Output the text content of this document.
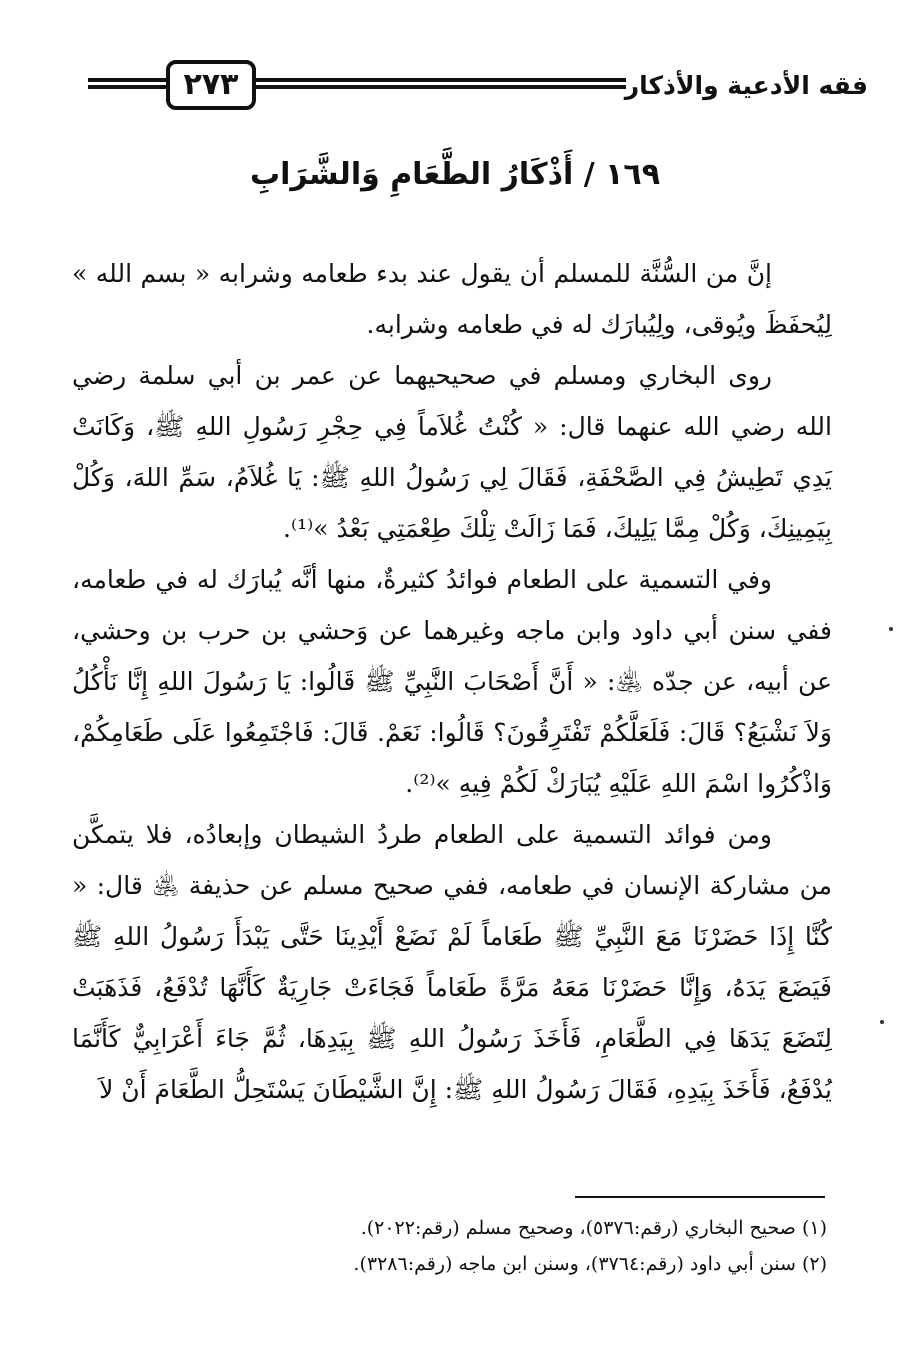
٢٧٣	فقه الأدعية والأذكار
١٦٩ / أَذْكَارُ الطَّعَامِ وَالشَّرَابِ

إنَّ من السُّنَّة للمسلم أن يقول عند بدء طعامه وشرابه « بسم الله » لِيُحفَظَ ويُوقى، ولِيُبارَك له في طعامه وشرابه.

روى البخاري ومسلم في صحيحيهما عن عمر بن أبي سلمة رضي الله رضي الله عنهما قال: « كُنْتُ غُلاَماً فِي حِجْرِ رَسُولِ اللهِ ﷺ، وَكَانَتْ يَدِي تَطِيشُ فِي الصَّحْفَةِ، فَقَالَ لِي رَسُولُ اللهِ ﷺ: يَا غُلاَمُ، سَمِّ اللهَ، وَكُلْ بِيَمِينِكَ، وَكُلْ مِمَّا يَلِيكَ، فَمَا زَالَتْ تِلْكَ طِعْمَتِي بَعْدُ »⁽¹⁾.

وفي التسمية على الطعام فوائدُ كثيرةٌ، منها أنَّه يُبارَك له في طعامه، ففي سنن أبي داود وابن ماجه وغيرهما عن وَحشي بن حرب بن وحشي، عن أبيه، عن جدّه ﵁: « أَنَّ أَصْحَابَ النَّبِيِّ ﷺ قَالُوا: يَا رَسُولَ اللهِ إِنَّا نَأْكُلُ وَلاَ نَشْبَعُ؟ قَالَ: فَلَعَلَّكُمْ تَفْتَرِقُونَ؟ قَالُوا: نَعَمْ. قَالَ: فَاجْتَمِعُوا عَلَى طَعَامِكُمْ، وَاذْكُرُوا اسْمَ اللهِ عَلَيْهِ يُبَارَكْ لَكُمْ فِيهِ »⁽²⁾.

ومن فوائد التسمية على الطعام طردُ الشيطان وإبعادُه، فلا يتمكَّن من مشاركة الإنسان في طعامه، ففي صحيح مسلم عن حذيفة ﵁ قال: « كُنَّا إِذَا حَضَرْنَا مَعَ النَّبِيِّ ﷺ طَعَاماً لَمْ نَضَعْ أَيْدِينَا حَتَّى يَبْدَأَ رَسُولُ اللهِ ﷺ فَيَضَعَ يَدَهُ، وَإِنَّا حَضَرْنَا مَعَهُ مَرَّةً طَعَاماً فَجَاءَتْ جَارِيَةٌ كَأَنَّهَا تُدْفَعُ، فَذَهَبَتْ لِتَضَعَ يَدَهَا فِي الطَّعَامِ، فَأَخَذَ رَسُولُ اللهِ ﷺ بِيَدِهَا، ثُمَّ جَاءَ أَعْرَابِيٌّ كَأَنَّمَا يُدْفَعُ، فَأَخَذَ بِيَدِهِ، فَقَالَ رَسُولُ اللهِ ﷺ: إِنَّ الشَّيْطَانَ يَسْتَحِلُّ الطَّعَامَ أَنْ لاَ

(١) صحيح البخاري (رقم:٥٣٧٦)، وصحيح مسلم (رقم:٢٠٢٢).
(٢) سنن أبي داود (رقم:٣٧٦٤)، وسنن ابن ماجه (رقم:٣٢٨٦).
